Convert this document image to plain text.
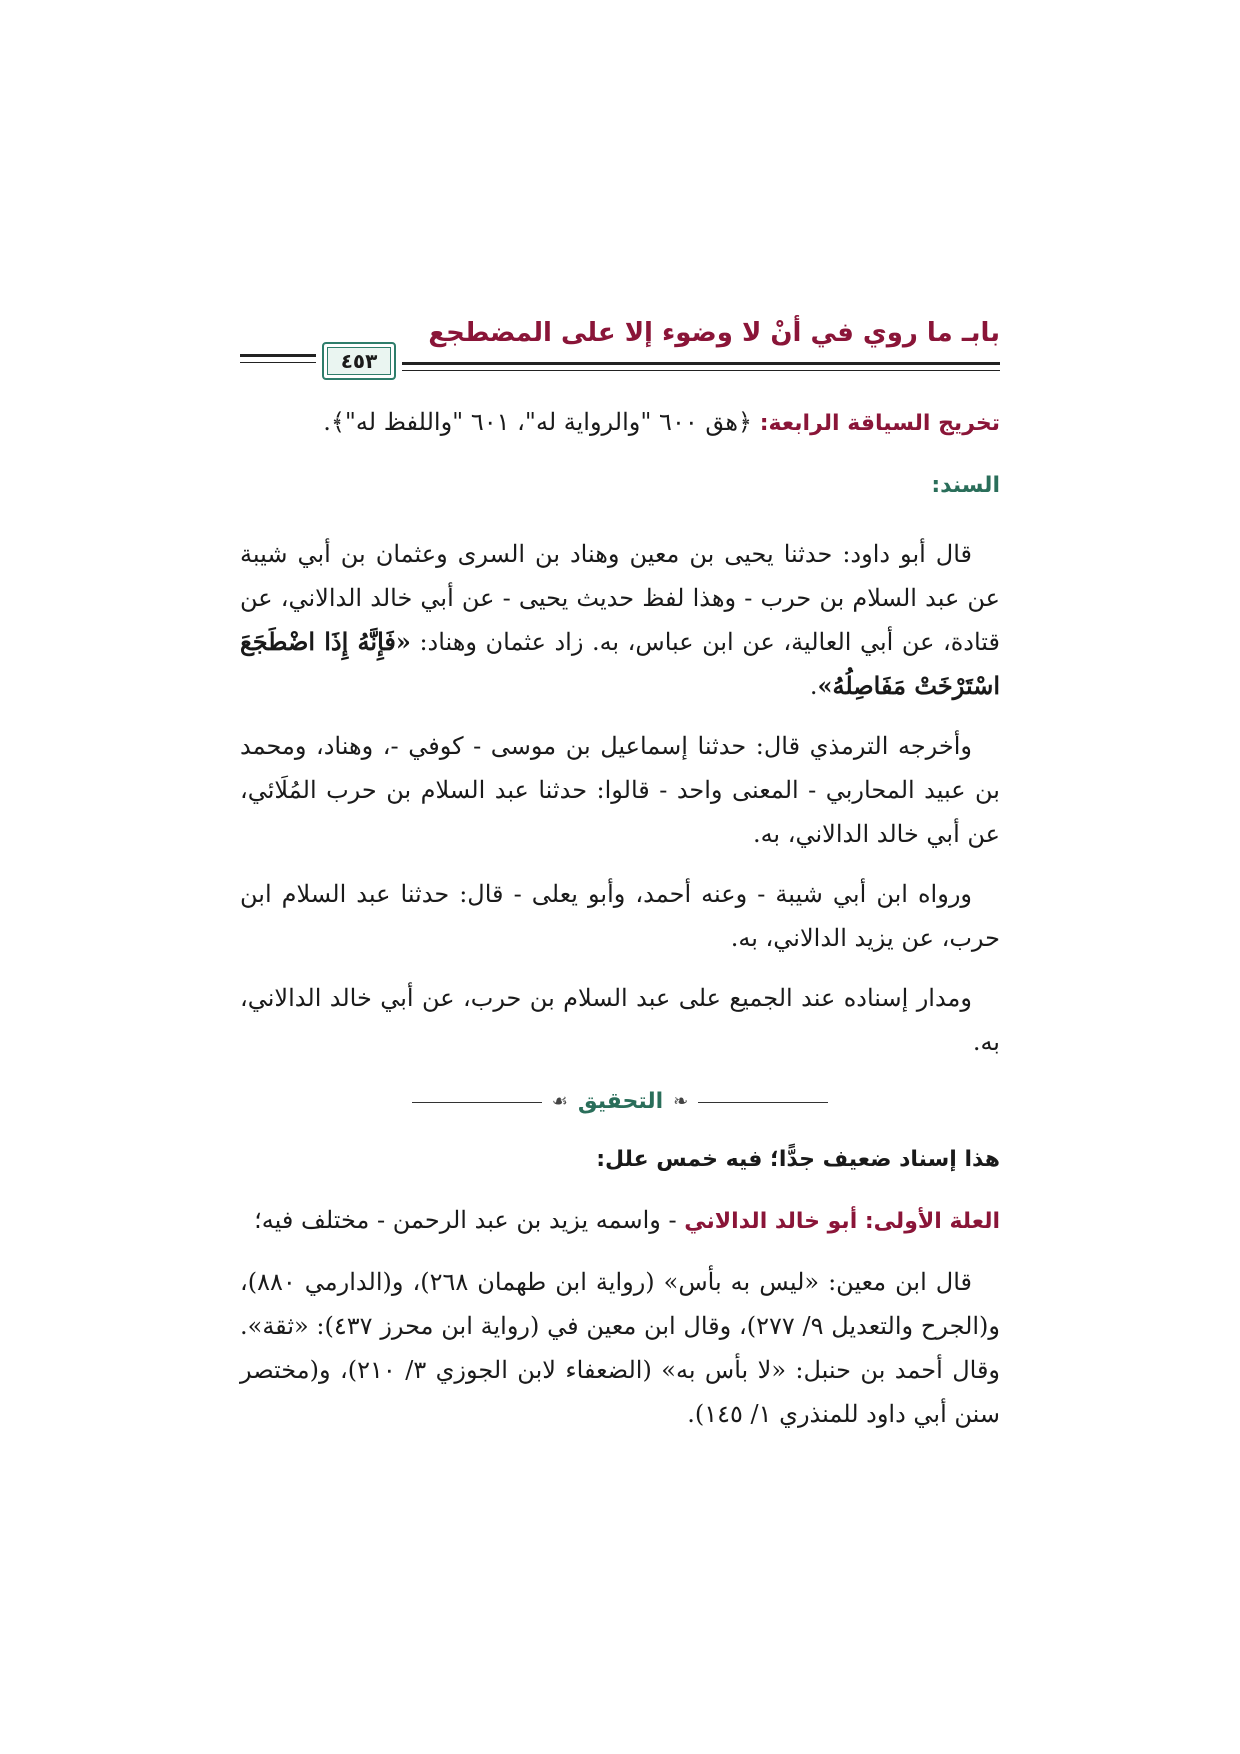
بابـ ما روي في أنْ لا وضوء إلا على المضطجع
٤٥٣

تخريج السياقة الرابعة: ﴿هق ٦٠٠ "والرواية له"، ٦٠١ "واللفظ له"﴾.

السند:

قال أبو داود: حدثنا يحيى بن معين وهناد بن السرى وعثمان بن أبي شيبة عن عبد السلام بن حرب - وهذا لفظ حديث يحيى - عن أبي خالد الدالاني، عن قتادة، عن أبي العالية، عن ابن عباس، به. زاد عثمان وهناد: «فَإِنَّهُ إِذَا اضْطَجَعَ اسْتَرْخَتْ مَفَاصِلُهُ».

وأخرجه الترمذي قال: حدثنا إسماعيل بن موسى - كوفي -، وهناد، ومحمد بن عبيد المحاربي - المعنى واحد - قالوا: حدثنا عبد السلام بن حرب المُلَائي، عن أبي خالد الدالاني، به.

ورواه ابن أبي شيبة - وعنه أحمد، وأبو يعلى - قال: حدثنا عبد السلام ابن حرب، عن يزيد الدالاني، به.

ومدار إسناده عند الجميع على عبد السلام بن حرب، عن أبي خالد الدالاني، به.

❧
التحقيق
☙

هذا إسناد ضعيف جدًّا؛ فيه خمس علل:

العلة الأولى: أبو خالد الدالاني - واسمه يزيد بن عبد الرحمن - مختلف فيه؛

قال ابن معين: «ليس به بأس» (رواية ابن طهمان ٢٦٨)، و(الدارمي ٨٨٠)، و(الجرح والتعديل ٩/ ٢٧٧)، وقال ابن معين في (رواية ابن محرز ٤٣٧): «ثقة». وقال أحمد بن حنبل: «لا بأس به» (الضعفاء لابن الجوزي ٣/ ٢١٠)، و(مختصر سنن أبي داود للمنذري ١/ ١٤٥).
